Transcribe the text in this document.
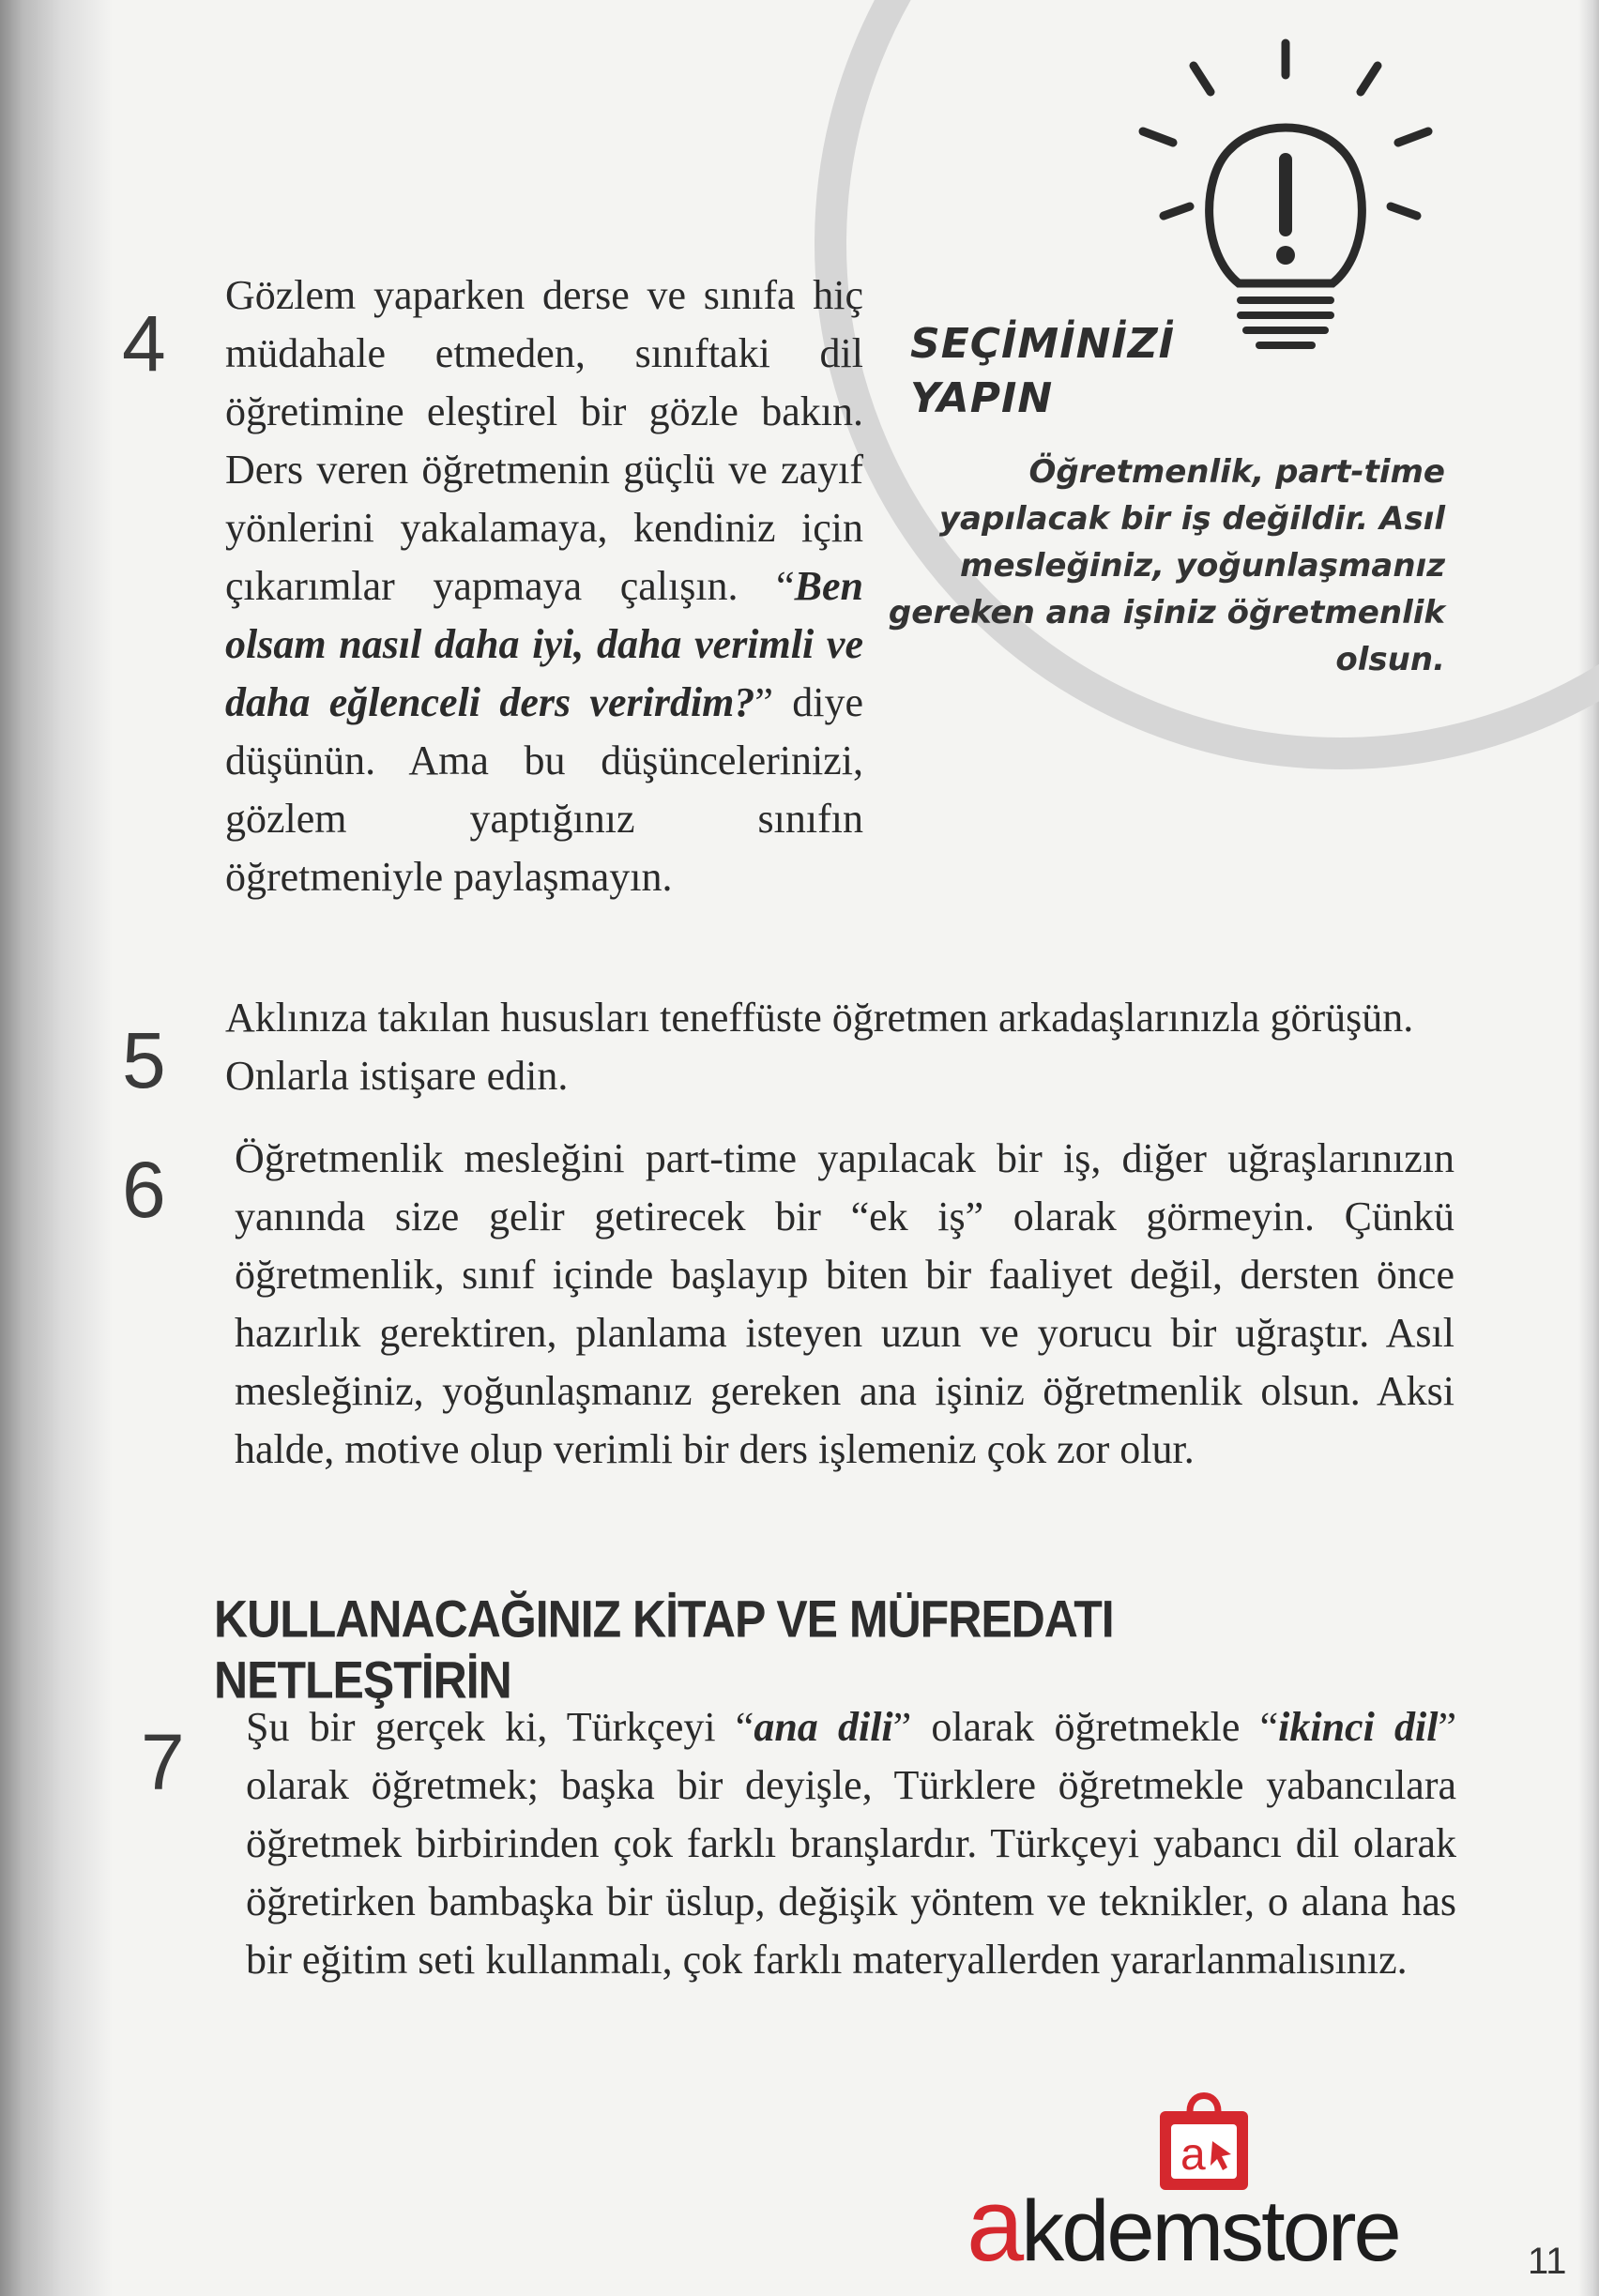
SEÇİMİNİZİ
YAPIN
Öğretmenlik, part-time yapılacak bir iş değildir. Asıl mesleğiniz, yoğunlaşmanız gereken ana işiniz öğretmenlik olsun.
4
Gözlem yaparken derse ve sınıfa hiç müdahale etmeden, sınıftaki dil öğretimine eleştirel bir gözle bakın. Ders veren öğretmenin güçlü ve zayıf yönlerini yakalamaya, kendiniz için çıkarımlar yapmaya çalışın. “Ben olsam nasıl daha iyi, daha verimli ve daha eğlenceli ders verirdim?” diye düşünün. Ama bu düşüncelerinizi, gözlem yaptığınız sınıfın öğretmeniyle paylaşmayın.
5 Aklınıza takılan hususları teneffüste öğretmen arkadaşlarınızla görüşün. Onlarla istişare edin.
6 Öğretmenlik mesleğini part-time yapılacak bir iş, diğer uğraşlarınızın yanında size gelir getirecek bir “ek iş” olarak görmeyin. Çünkü öğretmenlik, sınıf içinde başlayıp biten bir faaliyet değil, dersten önce hazırlık gerektiren, planlama isteyen uzun ve yorucu bir uğraştır. Asıl mesleğiniz, yoğunlaşmanız gereken ana işiniz öğretmenlik olsun. Aksi halde, motive olup verimli bir ders işlemeniz çok zor olur.
KULLANACAĞINIZ KİTAP VE MÜFREDATI NETLEŞTİRİN
7 Şu bir gerçek ki, Türkçeyi “ana dili” olarak öğretmekle “ikinci dil” olarak öğretmek; başka bir deyişle, Türklere öğretmekle yabancılara öğretmek birbirinden çok farklı branşlardır. Türkçeyi yabancı dil olarak öğretirken bambaşka bir üslup, değişik yöntem ve teknikler, o alana has bir eğitim seti kullanmalı, çok farklı materyallerden yararlanmalısınız.
a
akdemstore	11
